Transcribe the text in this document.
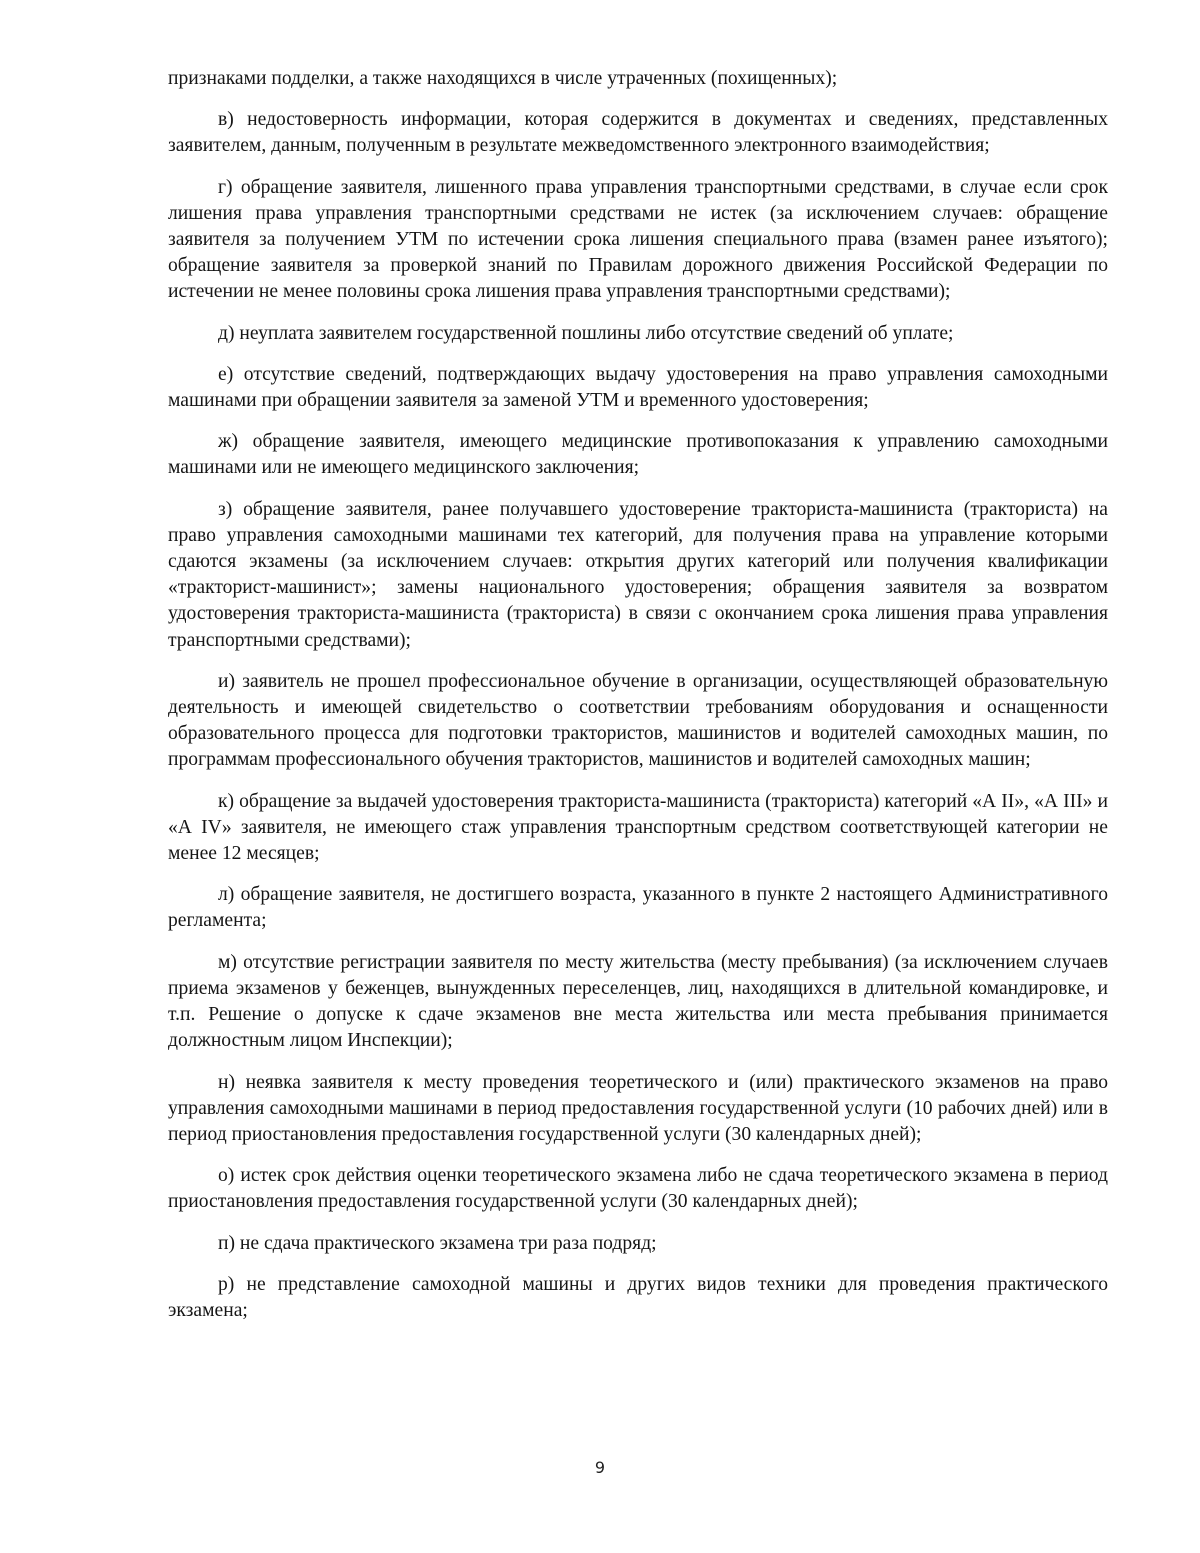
признаками подделки, а также находящихся в числе утраченных (похищенных);

в) недостоверность информации, которая содержится в документах и сведениях, представленных заявителем, данным, полученным в результате межведомственного электронного взаимодействия;

г) обращение заявителя, лишенного права управления транспортными средствами, в случае если срок лишения права управления транспортными средствами не истек (за исключением случаев: обращение заявителя за получением УТМ по истечении срока лишения специального права (взамен ранее изъятого); обращение заявителя за проверкой знаний по Правилам дорожного движения Российской Федерации по истечении не менее половины срока лишения права управления транспортными средствами);

д) неуплата заявителем государственной пошлины либо отсутствие сведений об уплате;

е) отсутствие сведений, подтверждающих выдачу удостоверения на право управления самоходными машинами при обращении заявителя за заменой УТМ и временного удостоверения;

ж) обращение заявителя, имеющего медицинские противопоказания к управлению самоходными машинами или не имеющего медицинского заключения;

з) обращение заявителя, ранее получавшего удостоверение тракториста-машиниста (тракториста) на право управления самоходными машинами тех категорий, для получения права на управление которыми сдаются экзамены (за исключением случаев: открытия других категорий или получения квалификации «тракторист-машинист»; замены национального удостоверения; обращения заявителя за возвратом удостоверения тракториста-машиниста (тракториста) в связи с окончанием срока лишения права управления транспортными средствами);

и) заявитель не прошел профессиональное обучение в организации, осуществляющей образовательную деятельность и имеющей свидетельство о соответствии требованиям оборудования и оснащенности образовательного процесса для подготовки трактористов, машинистов и водителей самоходных машин, по программам профессионального обучения трактористов, машинистов и водителей самоходных машин;

к) обращение за выдачей удостоверения тракториста-машиниста (тракториста) категорий «А II», «А III» и «А IV» заявителя, не имеющего стаж управления транспортным средством соответствующей категории не менее 12 месяцев;

л) обращение заявителя, не достигшего возраста, указанного в пункте 2 настоящего Административного регламента;

м) отсутствие регистрации заявителя по месту жительства (месту пребывания) (за исключением случаев приема экзаменов у беженцев, вынужденных переселенцев, лиц, находящихся в длительной командировке, и т.п. Решение о допуске к сдаче экзаменов вне места жительства или места пребывания принимается должностным лицом Инспекции);

н) неявка заявителя к месту проведения теоретического и (или) практического экзаменов на право управления самоходными машинами в период предоставления государственной услуги (10 рабочих дней) или в период приостановления предоставления государственной услуги (30 календарных дней);

о) истек срок действия оценки теоретического экзамена либо не сдача теоретического экзамена в период приостановления предоставления государственной услуги (30 календарных дней);

п) не сдача практического экзамена три раза подряд;

р) не представление самоходной машины и других видов техники для проведения практического экзамена;

9
